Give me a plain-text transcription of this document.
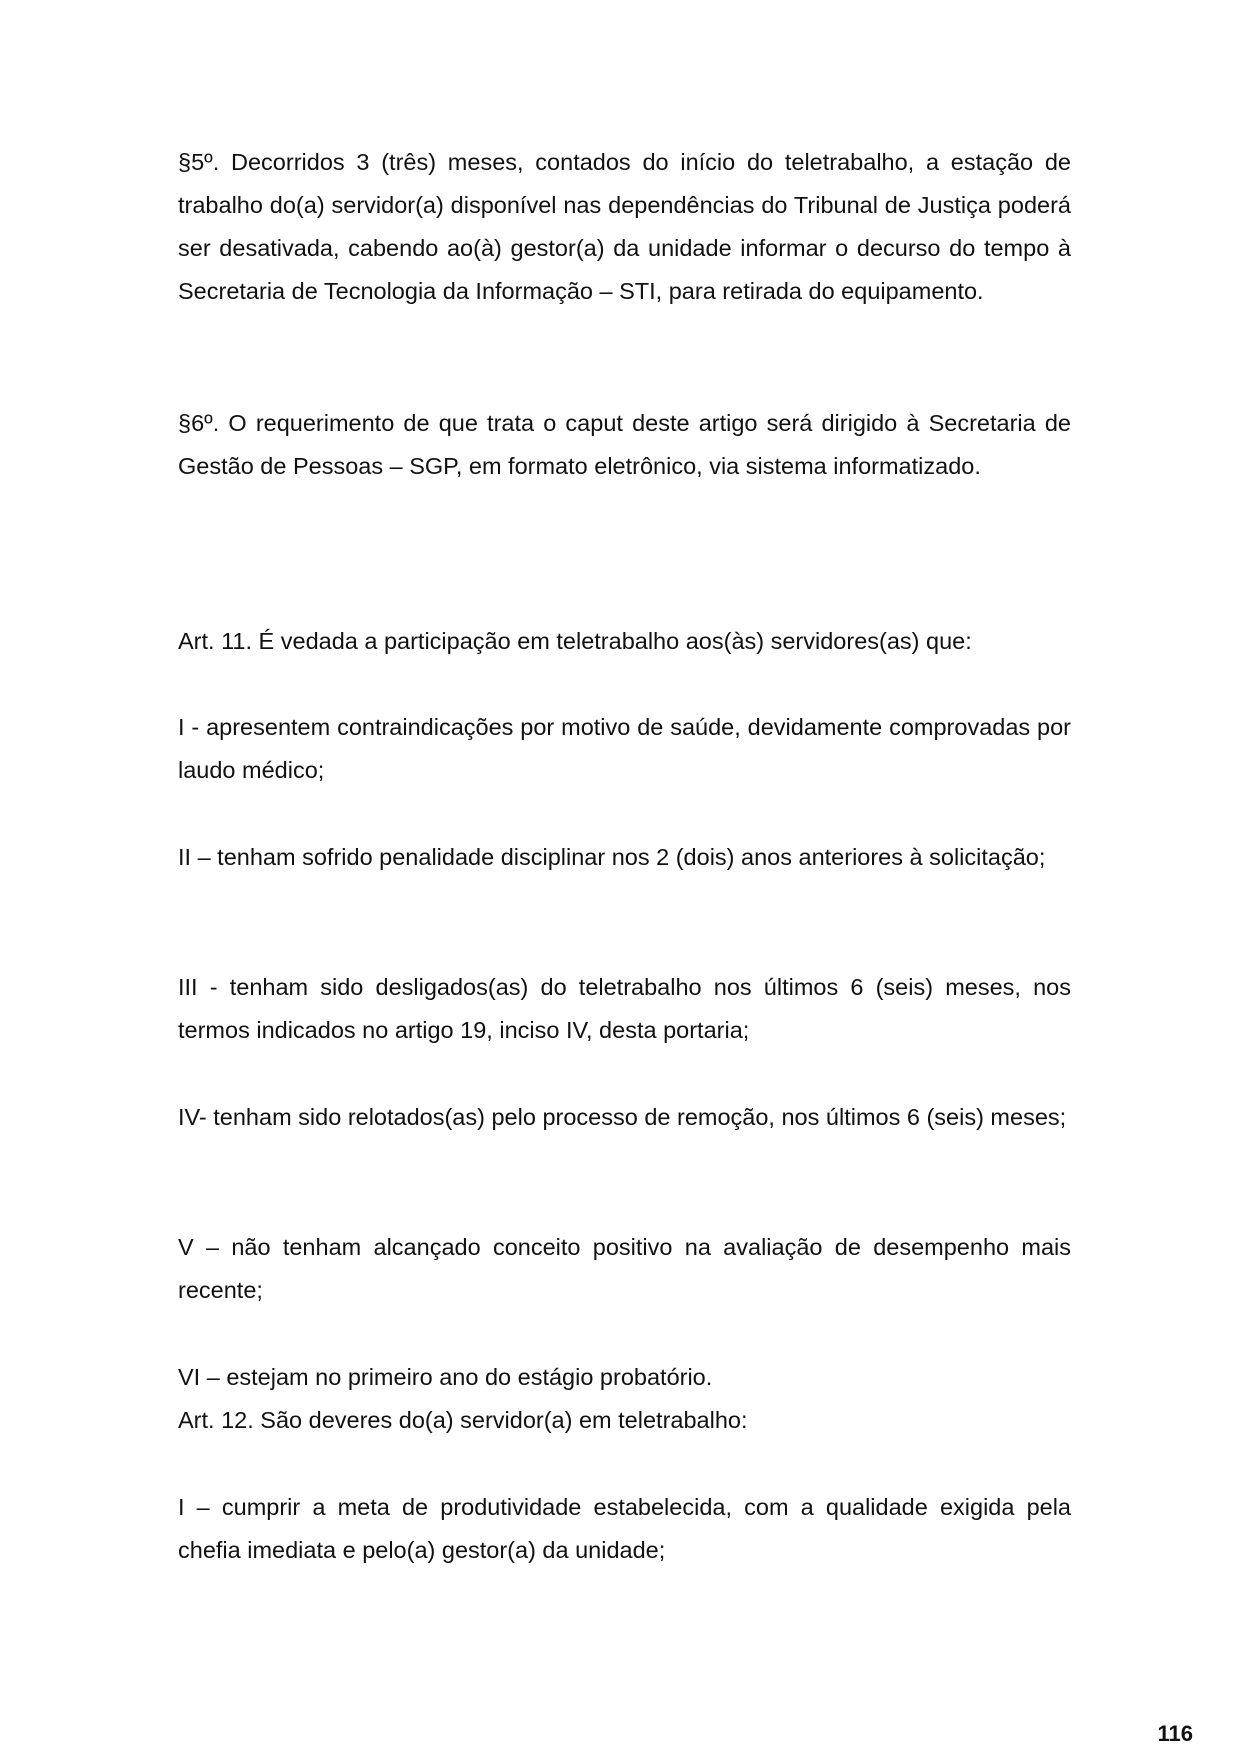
§5º. Decorridos 3 (três) meses, contados do início do teletrabalho, a estação de trabalho do(a) servidor(a) disponível nas dependências do Tribunal de Justiça poderá ser desativada, cabendo ao(à) gestor(a) da unidade informar o decurso do tempo à Secretaria de Tecnologia da Informação – STI, para retirada do equipamento.

§6º. O requerimento de que trata o caput deste artigo será dirigido à Secretaria de Gestão de Pessoas – SGP, em formato eletrônico, via sistema informatizado.

Art. 11. É vedada a participação em teletrabalho aos(às) servidores(as) que:

I - apresentem contraindicações por motivo de saúde, devidamente comprovadas por laudo médico;

II – tenham sofrido penalidade disciplinar nos 2 (dois) anos anteriores à solicitação;

III - tenham sido desligados(as) do teletrabalho nos últimos 6 (seis) meses, nos termos indicados no artigo 19, inciso IV, desta portaria;

IV- tenham sido relotados(as) pelo processo de remoção, nos últimos 6 (seis) meses;

V – não tenham alcançado conceito positivo na avaliação de desempenho mais recente;

VI – estejam no primeiro ano do estágio probatório.

Art. 12. São deveres do(a) servidor(a) em teletrabalho:

I – cumprir a meta de produtividade estabelecida, com a qualidade exigida pela chefia imediata e pelo(a) gestor(a) da unidade;

116
